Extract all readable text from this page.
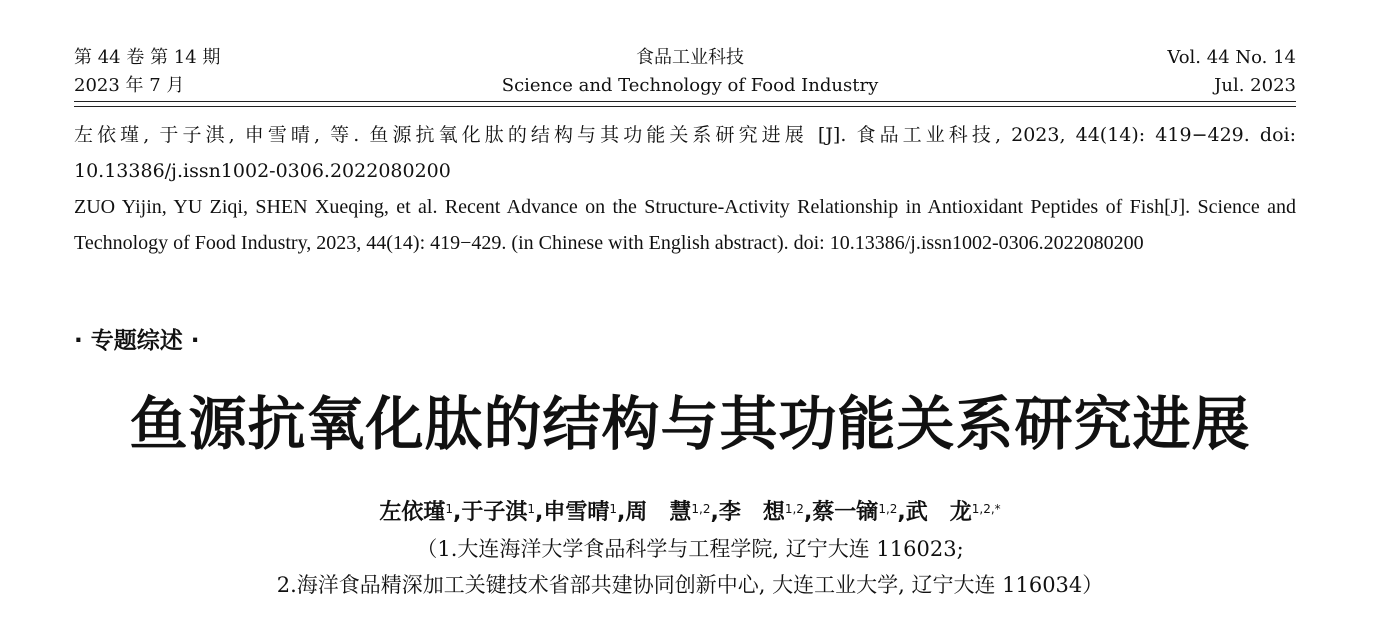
第 44 卷 第 14 期
2023 年 7 月
食品工业科技
Science and Technology of Food Industry
Vol. 44 No. 14
Jul. 2023

左依瑾, 于子淇, 申雪晴, 等. 鱼源抗氧化肽的结构与其功能关系研究进展 [J]. 食品工业科技, 2023, 44(14): 419−429. doi: 10.13386/j.issn1002-0306.2022080200

ZUO Yijin, YU Ziqi, SHEN Xueqing, et al. Recent Advance on the Structure-Activity Relationship in Antioxidant Peptides of Fish[J]. Science and Technology of Food Industry, 2023, 44(14): 419−429. (in Chinese with English abstract). doi: 10.13386/j.issn1002-0306.2022080200

· 专题综述 ·
鱼源抗氧化肽的结构与其功能关系研究进展
左依瑾$^1$,于子淇$^1$,申雪晴$^1$,周　慧$^{1,2}$,李　想$^{1,2}$,蔡一镝$^{1,2}$,武　龙$^{1,2,*}$
（1.大连海洋大学食品科学与工程学院, 辽宁大连 116023;
2.海洋食品精深加工关键技术省部共建协同创新中心, 大连工业大学, 辽宁大连 116034）
